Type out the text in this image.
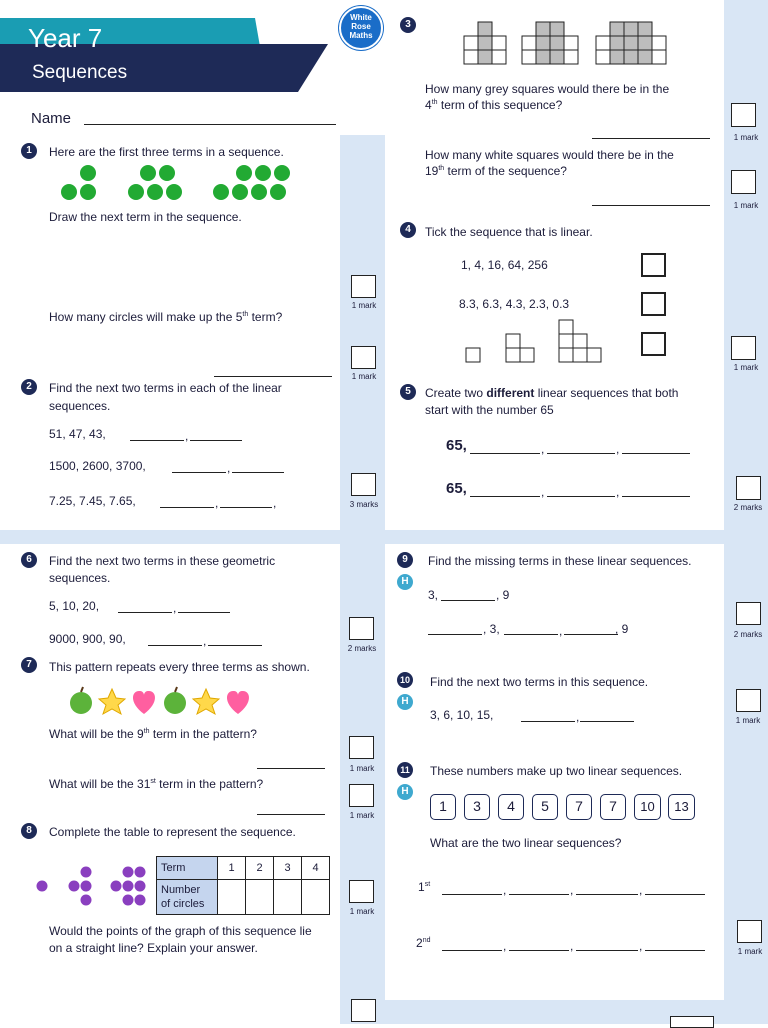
Year 7
Sequences
White
Rose
Maths
Name
1	Here are the first three terms in a sequence.
Draw the next term in the sequence.
How many circles will make up the 5th term?
1 mark
1 mark
2	Find the next two terms in each of the linear
sequences.
51, 47, 43,	,
1500, 2600, 3700,	,
7.25, 7.45, 7.65,	,	,	3 marks
3
How many grey squares would there be in the
4th term of this sequence?
How many white squares would there be in the
19th term of the sequence?
1 mark
1 mark
4	Tick the sequence that is linear.
1, 4, 16, 64, 256
8.3, 6.3, 4.3, 2.3, 0.3
1 mark
5	Create two different linear sequences that both
start with the number 65
65,	,	,
65,	,	,
2 marks
6	Find the next two terms in these geometric
sequences.
5, 10, 20,	,
9000, 900, 90,	,
2 marks
7	This pattern repeats every three terms as shown.
What will be the 9th term in the pattern?
What will be the 31st term in the pattern?
1 mark
1 mark
8	Complete the table to represent the sequence.
Term	1	2	3	4
Number
of circles				
Would the points of the graph of this sequence lie
on a straight line? Explain your answer.
1 mark
9
H
Find the missing terms in these linear sequences.
3,	, 9
, 3,	,	, 9	2 marks
10
H
Find the next two terms in this sequence.
3, 6, 10, 15,	,	1 mark
11
H
These numbers make up two linear sequences.
1	3	4	5	7	7	10	13
What are the two linear sequences?
1st	,	,	,
2nd	,	,	,	1 mark
